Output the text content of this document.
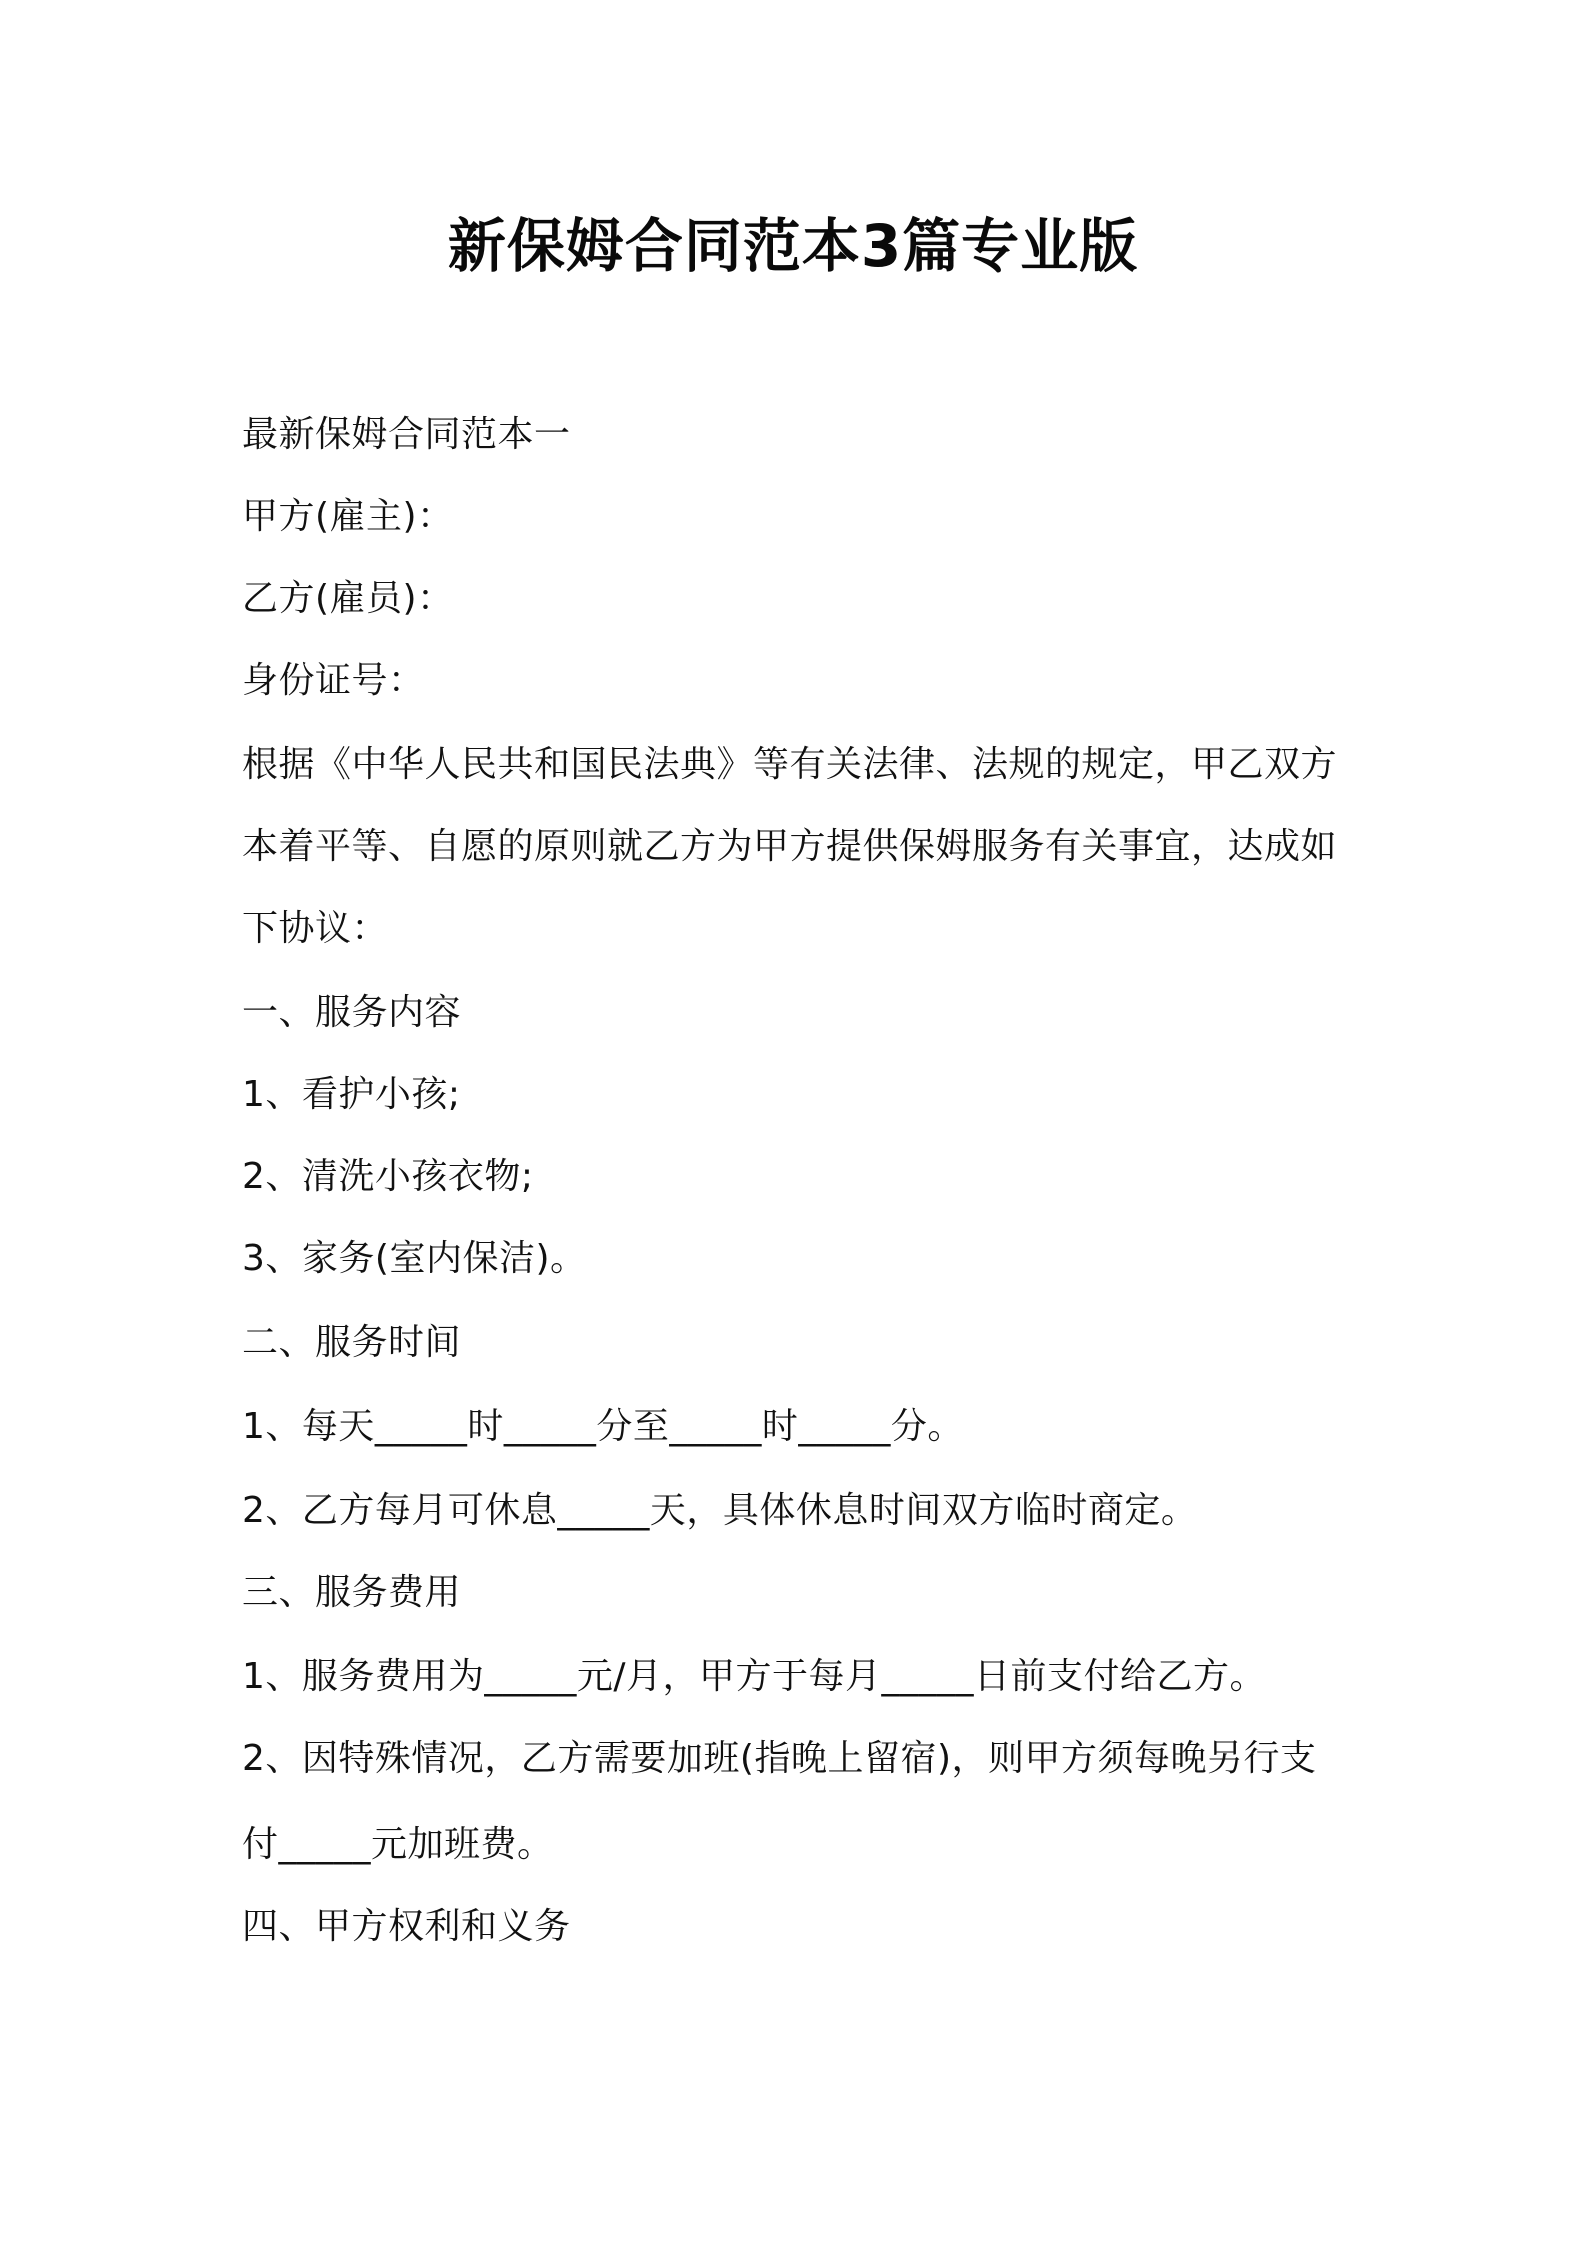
新保姆合同范本3篇专业版

最新保姆合同范本一

甲方(雇主)：

乙方(雇员)：

身份证号：

根据《中华人民共和国民法典》等有关法律、法规的规定，甲乙双方

本着平等、自愿的原则就乙方为甲方提供保姆服务有关事宜，达成如

下协议：

一、服务内容

1、看护小孩;

2、清洗小孩衣物;

3、家务(室内保洁)。

二、服务时间

1、每天_____时_____分至_____时_____分。

2、乙方每月可休息_____天，具体休息时间双方临时商定。

三、服务费用

1、服务费用为_____元/月，甲方于每月_____日前支付给乙方。

2、因特殊情况，乙方需要加班(指晚上留宿)，则甲方须每晚另行支

付_____元加班费。

四、甲方权利和义务
